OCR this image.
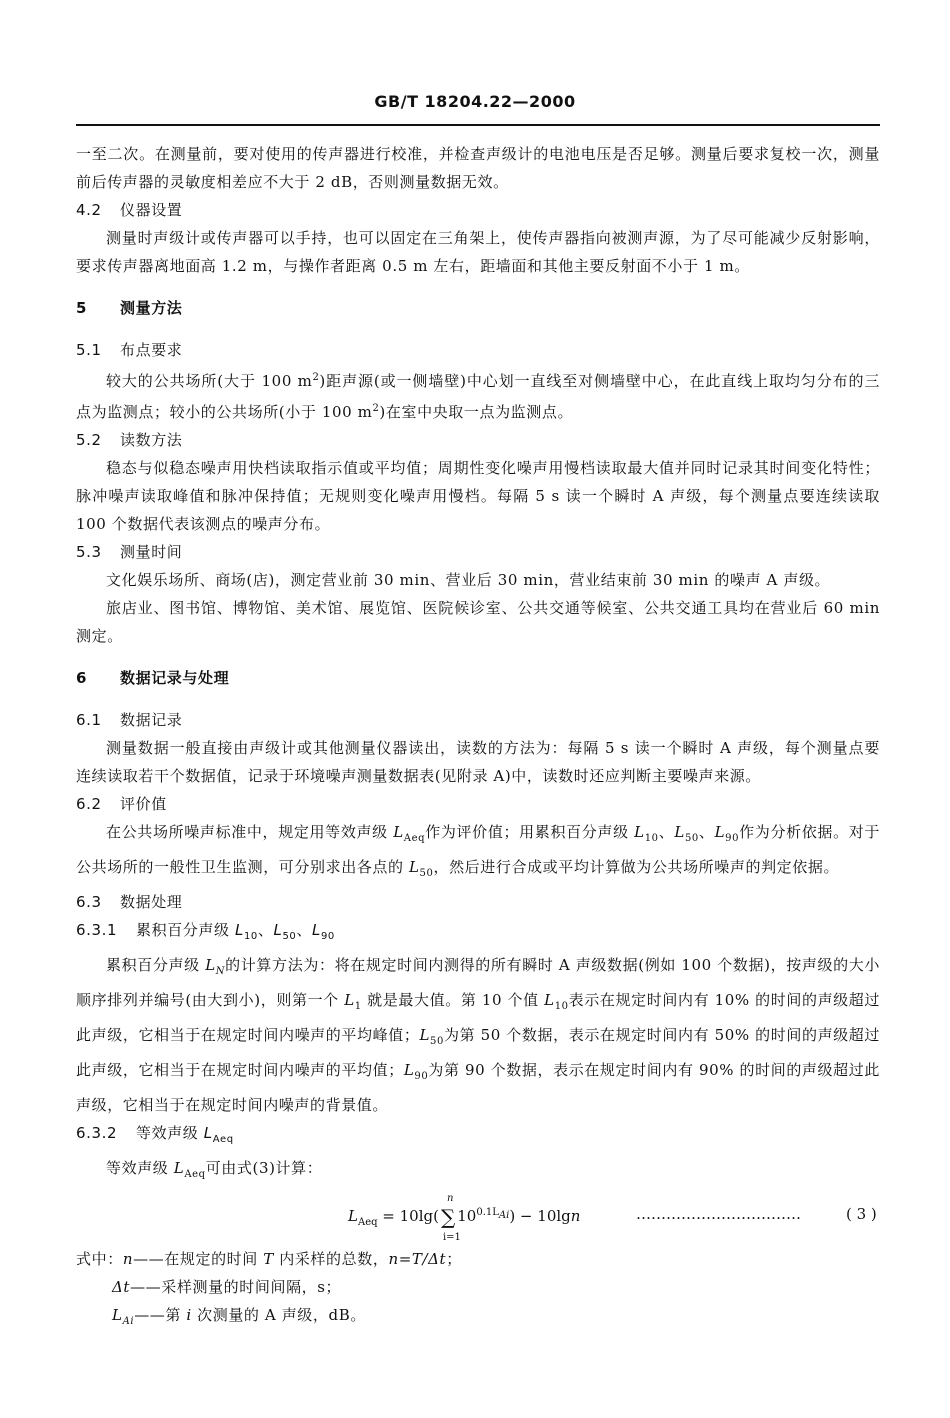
GB/T 18204.22—2000

一至二次。在测量前，要对使用的传声器进行校准，并检查声级计的电池电压是否足够。测量后要求复校一次，测量前后传声器的灵敏度相差应不大于 2 dB，否则测量数据无效。

4.2 仪器设置

测量时声级计或传声器可以手持，也可以固定在三角架上，使传声器指向被测声源，为了尽可能减少反射影响，要求传声器离地面高 1.2 m，与操作者距离 0.5 m 左右，距墙面和其他主要反射面不小于 1 m。

5 测量方法
5.1 布点要求

较大的公共场所(大于 100 $m^2$)距声源(或一侧墙壁)中心划一直线至对侧墙壁中心，在此直线上取均匀分布的三点为监测点；较小的公共场所(小于 100 $m^2$)在室中央取一点为监测点。

5.2 读数方法

稳态与似稳态噪声用快档读取指示值或平均值；周期性变化噪声用慢档读取最大值并同时记录其时间变化特性；脉冲噪声读取峰值和脉冲保持值；无规则变化噪声用慢档。每隔 5 s 读一个瞬时 A 声级，每个测量点要连续读取 100 个数据代表该测点的噪声分布。

5.3 测量时间

文化娱乐场所、商场(店)，测定营业前 30 min、营业后 30 min，营业结束前 30 min 的噪声 A 声级。

旅店业、图书馆、博物馆、美术馆、展览馆、医院候诊室、公共交通等候室、公共交通工具均在营业后 60 min 测定。

6 数据记录与处理
6.1 数据记录

测量数据一般直接由声级计或其他测量仪器读出，读数的方法为：每隔 5 s 读一个瞬时 A 声级，每个测量点要连续读取若干个数据值，记录于环境噪声测量数据表(见附录 A)中，读数时还应判断主要噪声来源。

6.2 评价值

在公共场所噪声标准中，规定用等效声级 $L_{Aeq}$作为评价值；用累积百分声级 $L_{10}$、$L_{50}$、$L_{90}$作为分析依据。对于公共场所的一般性卫生监测，可分别求出各点的 $L_{50}$，然后进行合成或平均计算做为公共场所噪声的判定依据。

6.3 数据处理
6.3.1 累积百分声级 $L_{10}$、$L_{50}$、$L_{90}$

累积百分声级 $L_N$的计算方法为：将在规定时间内测得的所有瞬时 A 声级数据(例如 100 个数据)，按声级的大小顺序排列并编号(由大到小)，则第一个 $L_1$ 就是最大值。第 10 个值 $L_{10}$表示在规定时间内有 10% 的时间的声级超过此声级，它相当于在规定时间内噪声的平均峰值；$L_{50}$为第 50 个数据，表示在规定时间内有 50% 的时间的声级超过此声级，它相当于在规定时间内噪声的平均值；$L_{90}$为第 90 个数据，表示在规定时间内有 90% 的时间的声级超过此声级，它相当于在规定时间内噪声的背景值。

6.3.2 等效声级 $L_{Aeq}$

等效声级 $L_{Aeq}$可由式(3)计算：

$L_{Aeq} = 10\lg$( ∑
n
i=1
$10^{0.1L_{Ai}}) - 10\lg n$	……………………………	( 3 )

式中：n——在规定的时间 T 内采样的总数，n=T/Δt；

Δt——采样测量的时间间隔，s；

$L_{Ai}——$第 i 次测量的 A 声级，dB。
